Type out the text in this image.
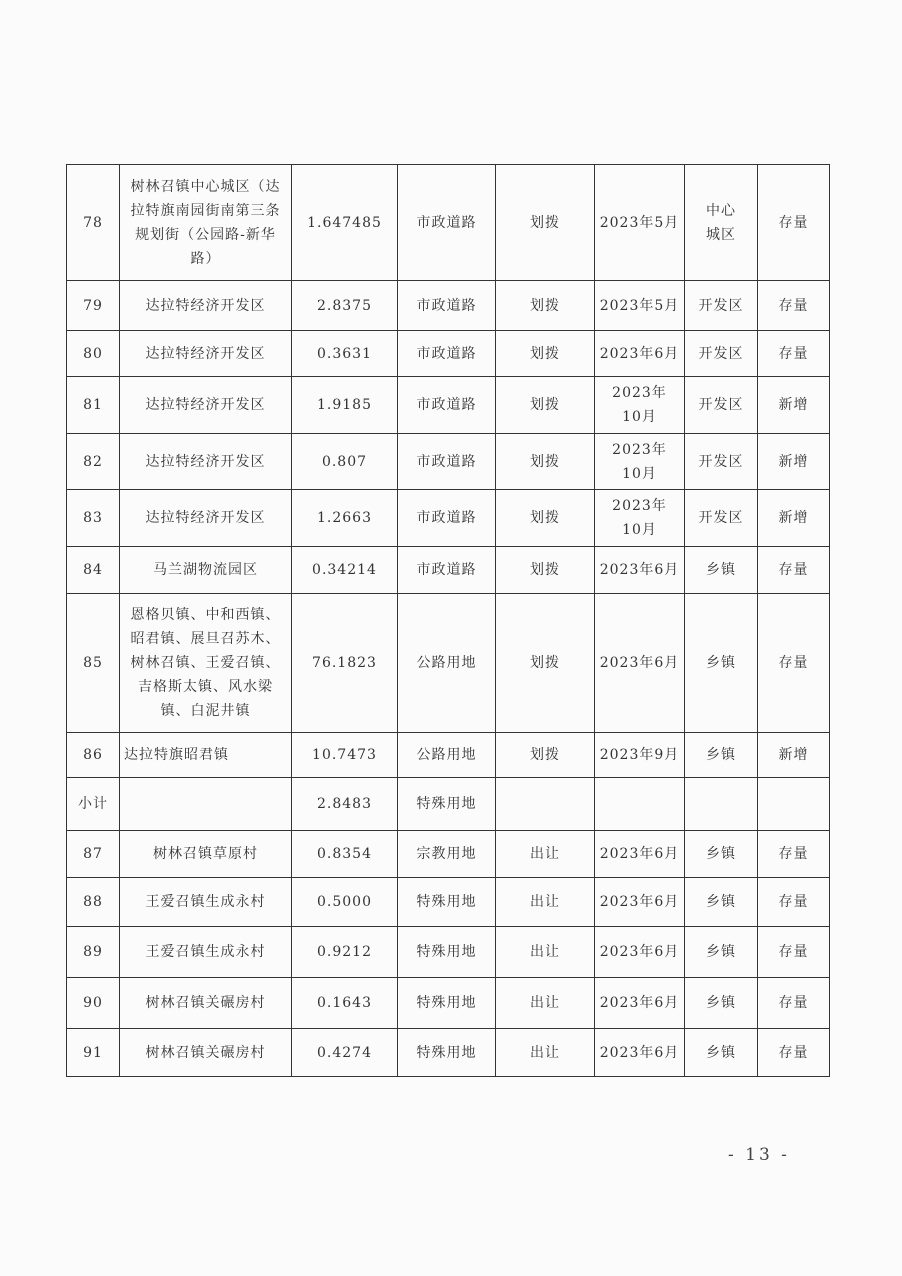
78	树林召镇中心城区（达拉特旗南园街南第三条规划街（公园路-新华路）	1.647485	市政道路	划拨	2023年5月	中心城区	存量
79	达拉特经济开发区	2.8375	市政道路	划拨	2023年5月	开发区	存量
80	达拉特经济开发区	0.3631	市政道路	划拨	2023年6月	开发区	存量
81	达拉特经济开发区	1.9185	市政道路	划拨	2023年10月	开发区	新增
82	达拉特经济开发区	0.807	市政道路	划拨	2023年10月	开发区	新增
83	达拉特经济开发区	1.2663	市政道路	划拨	2023年10月	开发区	新增
84	马兰湖物流园区	0.34214	市政道路	划拨	2023年6月	乡镇	存量
85	恩格贝镇、中和西镇、昭君镇、展旦召苏木、树林召镇、王爱召镇、吉格斯太镇、风水梁镇、白泥井镇	76.1823	公路用地	划拨	2023年6月	乡镇	存量
86	达拉特旗昭君镇	10.7473	公路用地	划拨	2023年9月	乡镇	新增
小计		2.8483	特殊用地				
87	树林召镇草原村	0.8354	宗教用地	出让	2023年6月	乡镇	存量
88	王爱召镇生成永村	0.5000	特殊用地	出让	2023年6月	乡镇	存量
89	王爱召镇生成永村	0.9212	特殊用地	出让	2023年6月	乡镇	存量
90	树林召镇关碾房村	0.1643	特殊用地	出让	2023年6月	乡镇	存量
91	树林召镇关碾房村	0.4274	特殊用地	出让	2023年6月	乡镇	存量
- 13 -
